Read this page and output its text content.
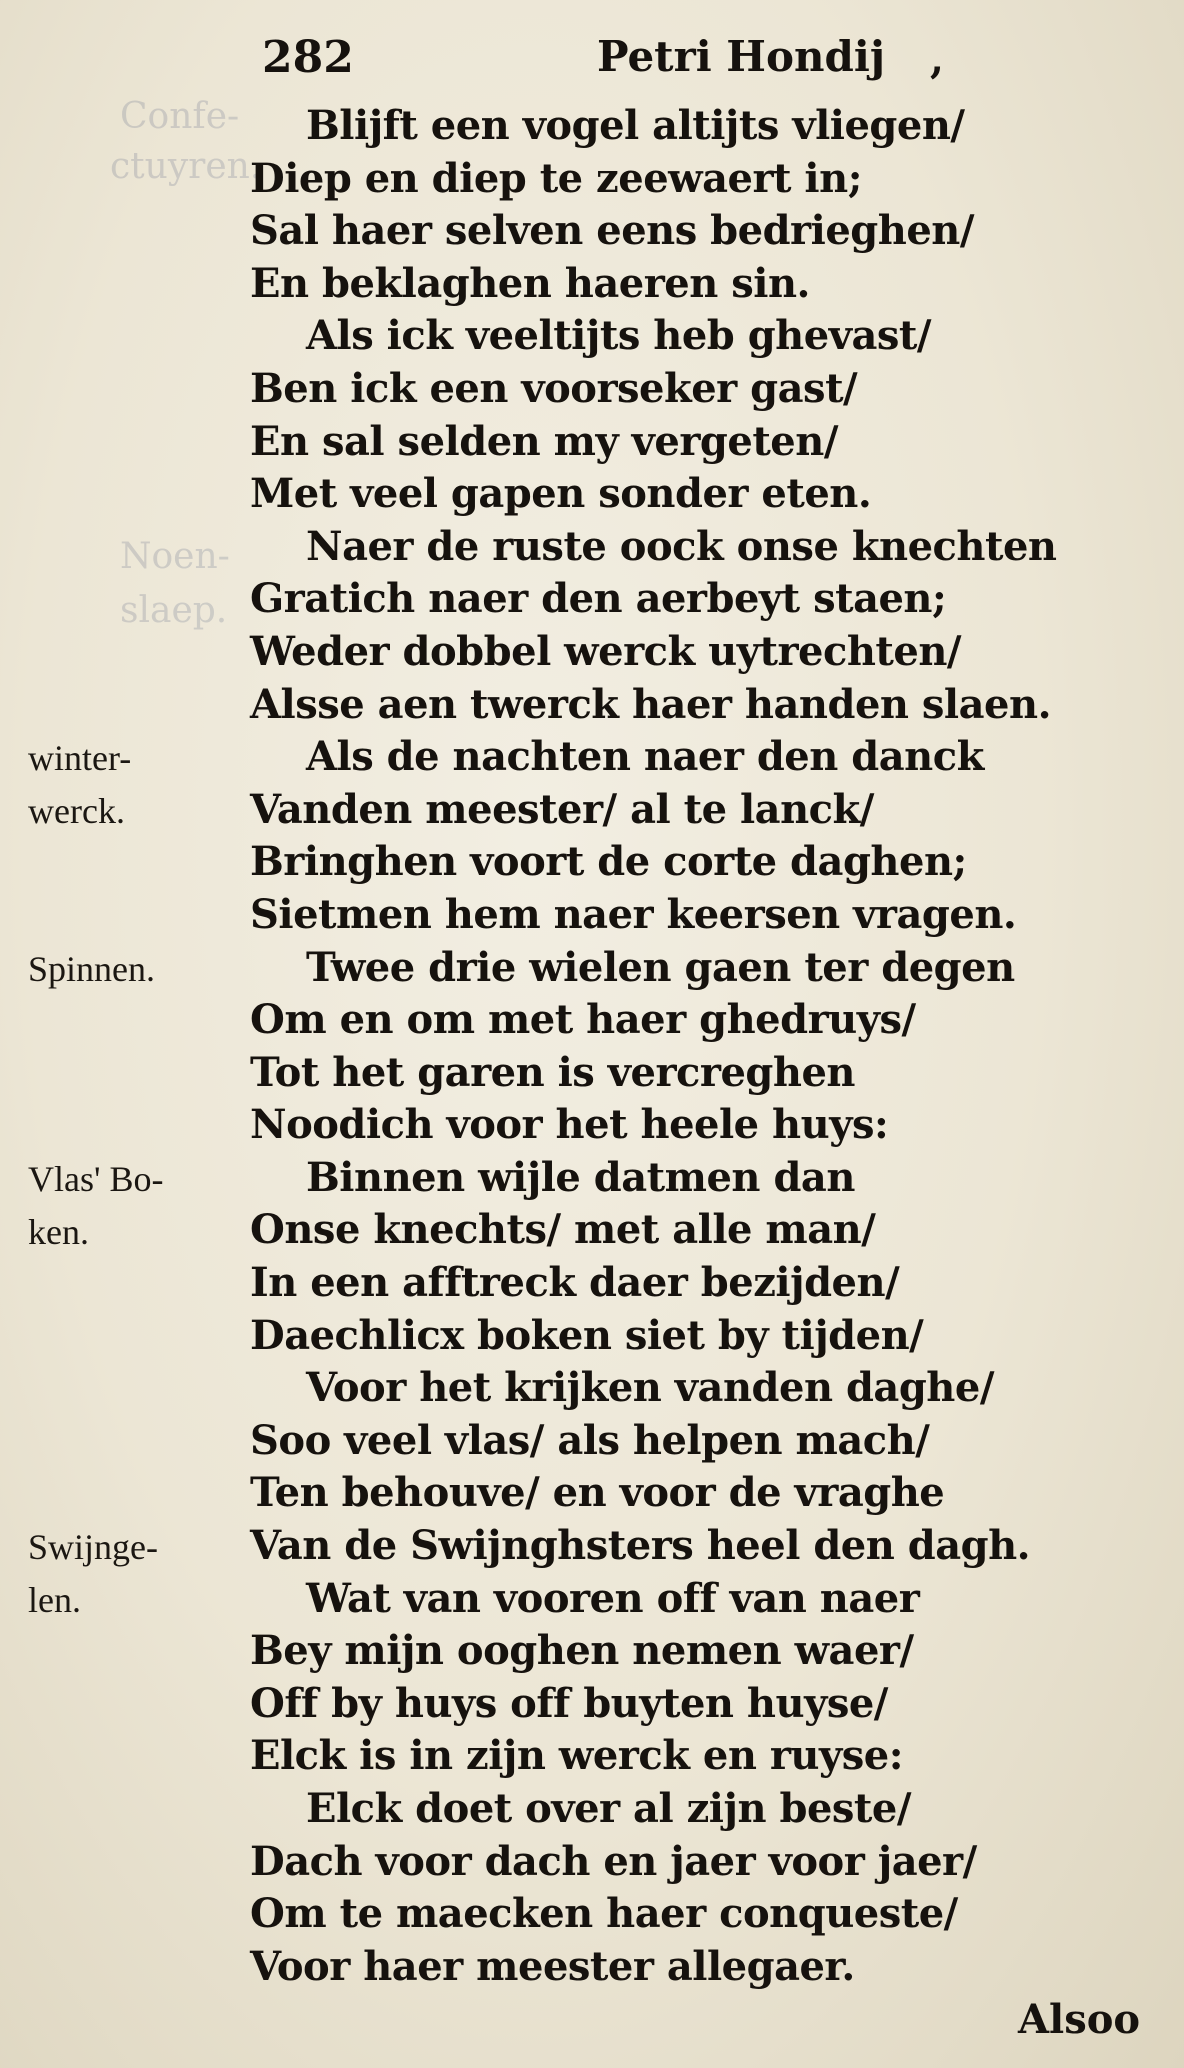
Confe-
ctuyren.
Noen-
slaep.
282	Petri Hondij ,
Blijft een vogel altijts vliegen/
Diep en diep te zeewaert in;
Sal haer selven eens bedrieghen/
En beklaghen haeren sin.
Als ick veeltijts heb ghevast/
Ben ick een voorseker gast/
En sal selden my vergeten/
Met veel gapen sonder eten.
Naer de ruste oock onse knechten
Gratich naer den aerbeyt staen;
Weder dobbel werck uytrechten/
Alsse aen twerck haer handen slaen.
Als de nachten naer den danck
Vanden meester/ al te lanck/
Bringhen voort de corte daghen;
Sietmen hem naer keersen vragen.
Twee drie wielen gaen ter degen
Om en om met haer ghedruys/
Tot het garen is vercreghen
Noodich voor het heele huys:
Binnen wijle datmen dan
Onse knechts/ met alle man/
In een afftreck daer bezijden/
Daechlicx boken siet by tijden/
Voor het krijken vanden daghe/
Soo veel vlas/ als helpen mach/
Ten behouve/ en voor de vraghe
Van de Swijnghsters heel den dagh.
Wat van vooren off van naer
Bey mijn ooghen nemen waer/
Off by huys off buyten huyse/
Elck is in zijn werck en ruyse:
Elck doet over al zijn beste/
Dach voor dach en jaer voor jaer/
Om te maecken haer conqueste/
Voor haer meester allegaer.
winter-
werck.
Spinnen.
Vlas' Bo-
ken.
Swijnge-
len.
Alsoo
